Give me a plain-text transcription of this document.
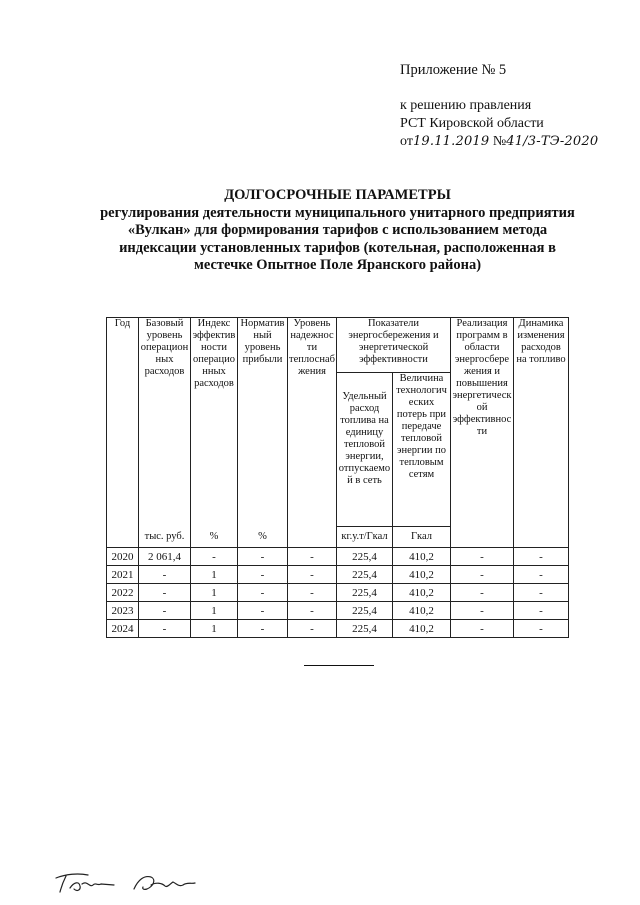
Приложение № 5
к решению правления
РСТ Кировской области
от19.11.2019 №41/3-ТЭ-2020
ДОЛГОСРОЧНЫЕ ПАРАМЕТРЫ
регулирования деятельности муниципального унитарного предприятия
«Вулкан» для формирования тарифов с использованием метода
индексации установленных тарифов (котельная, расположенная в
местечке Опытное Поле Яранского района)
Год	Базовый уровень операционных расходов	Индекс эффективности операционных расходов	Нормативный уровень прибыли	Уровень надежности теплоснабжения	Показатели энергосбережения и энергетической эффективности		Реализация программ в области энергосбережения и повышения энергетической эффективности	Динамика изменения расходов на топливо
					Удельный расход топлива на единицу тепловой энергии, отпускаемой в сеть	Величина технологических потерь при передаче тепловой энергии по тепловым сетям		
	тыс. руб.	%	%		кг.у.т/Гкал	Гкал		
2020	2 061,4	-	-	-	225,4	410,2	-	-
2021	-	1	-	-	225,4	410,2	-	-
2022	-	1	-	-	225,4	410,2	-	-
2023	-	1	-	-	225,4	410,2	-	-
2024	-	1	-	-	225,4	410,2	-	-
